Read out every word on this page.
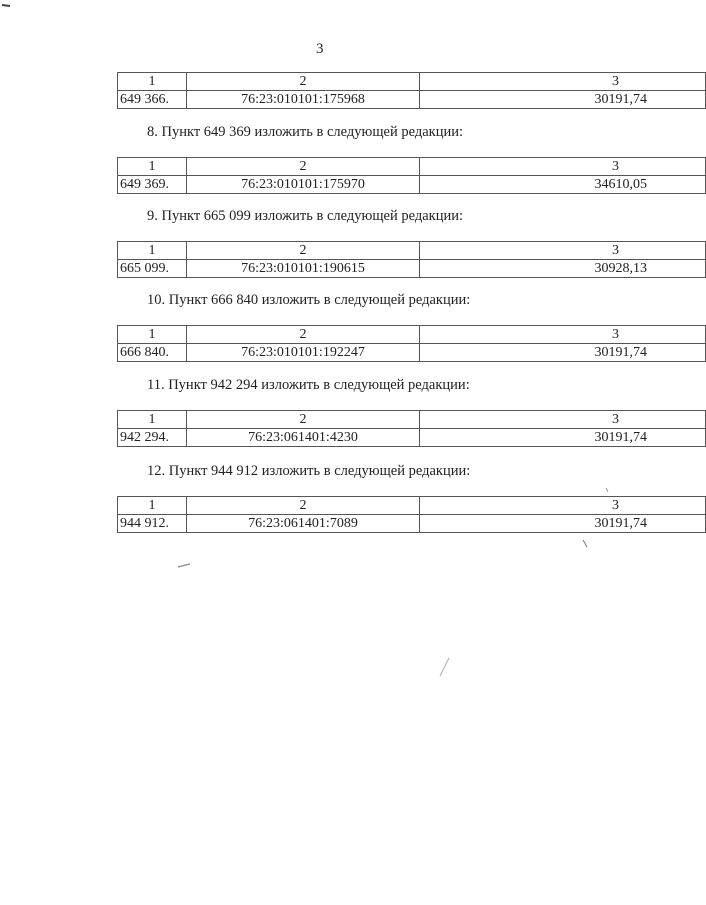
3
1	2	3
649 366.	76:23:010101:175968	30191,74
8. Пункт 649 369 изложить в следующей редакции:
1	2	3
649 369.	76:23:010101:175970	34610,05
9. Пункт 665 099 изложить в следующей редакции:
1	2	3
665 099.	76:23:010101:190615	30928,13
10. Пункт 666 840 изложить в следующей редакции:
1	2	3
666 840.	76:23:010101:192247	30191,74
11. Пункт 942 294 изложить в следующей редакции:
1	2	3
942 294.	76:23:061401:4230	30191,74
12. Пункт 944 912 изложить в следующей редакции:
1	2	3
944 912.	76:23:061401:7089	30191,74
